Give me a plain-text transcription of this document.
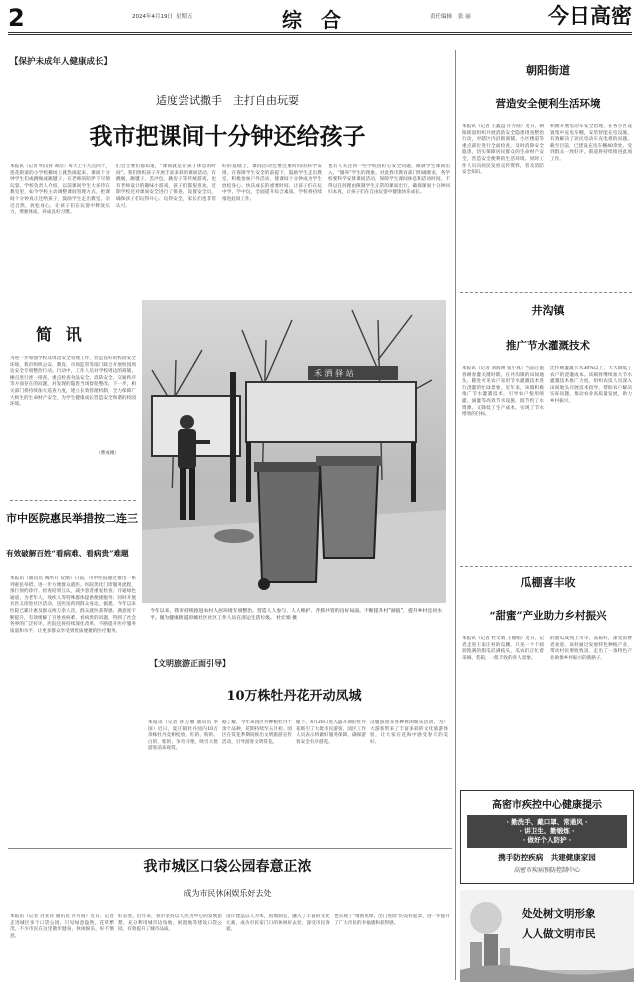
2	2024年4月19日 星期五	综 合	责任编辑 张 丽	今日高密
【保护未成年人健康成长】
适度尝试撒手　主打自由玩耍
我市把课间十分钟还给孩子
本报讯（记者 明汉祥 谭浩）每天上午九点四十，莲花街道的小学校操场上就热闹起来，课间十分钟学生们或跳绳或踢毽子，在老师的陪伴下尽情玩耍。学校负责人介绍，以前课间学生大多待在教室里，如今学校主动调整课间管理方式，把课间十分钟真正还给孩子，鼓励学生走出教室、亲近自然、放松身心，让孩子们在玩耍中释放压力，增强体质，养成良好习惯。
们会主要们都知道，“课间就是让孩子休息的时间”。我们组织孩子开展丰富多彩的课间活动，有跳绳、踢毽子、丢沙包、跳房子等传统游戏，也有老师设计的趣味小游戏，孩子们都很喜欢。近期学校还对课间安全进行了排查，设置安全员，确保孩子们玩得开心、玩得安全，家长们也非常认可。
好的基础上，课间活动还要注重时间的科学安排。在保障学生安全的前提下，鼓励学生走出教室，积极参加户外活动，使课间十分钟成为学生放松身心、快乐成长的重要时间，让孩子们在玩中学、学中玩，全面提升综合素质。学校将持续推进此项工作。
也有人关注到一些学校因担心安全问题，限制学生课间出入，“圈养”学生的现象。对此我市教育部门明确要求，各学校要科学安排课间活动，保障学生课间休息和活动时间，不得以任何理由限制学生正常的课间出行，确保课间十分钟回归本真，让孩子们在自由玩耍中健康快乐成长。
简 讯
为进一步加强学校及周边安全管理工作，营造良好的校园安全环境，我市组织公安、教育、市场监管等部门联合开展校园周边安全专项整治行动。行动中，工作人员对学校周边的商铺、摊点进行逐一排查，重点检查食品安全、消防安全、交通秩序等方面存在的问题，对发现的隐患当场督促整改。下一步，相关部门将持续加大巡查力度，建立长效管理机制，全力保障广大师生的生命财产安全，为学生健康成长营造安全和谐的校园环境。
（曹成刚）
市中医院惠民举措按二连三
有效破解百姓“看病难、看病贵”难题
本报讯（通讯员 阎所升 仪刚）日前，市中医院通过推出一系列惠民举措，进一步方便群众就医。医院优化门诊服务流程，推行预约诊疗、检查结果互认，减少患者重复检查；开通绿色通道，为老年人、残疾人等特殊群体提供便捷服务；同时开展名医义诊进社区活动，送医送药到群众身边。据悉，今年以来医院已累计惠及群众两万余人次，群众就医获得感、满意度不断提升，有效缓解了百姓看病难、看病贵的问题，得到了社会各界的广泛好评。医院还将持续深化改革，不断提升医疗服务质量和水平，让更多群众享受到优质便捷的医疗服务。
禾 洒 驿 站
今年以来，我市持续推进农村人居环境专项整治，营造人人参与、人人维护、齐抓共管的良好局面。不断提升村“颜值”，提升乡村宜居水平。图为健康街道府城社区社区工作人员在清运生活垃圾。 杜宏娟 摄
【文明旅游正面引导】
10万株牡丹花开动凤城
本报讯（记者 孙万丽 通讯员 李国）近日，夏庄镇牡丹园内10万余株牡丹竞相绽放，红的、粉的、白的、紫的，争奇斗艳，吸引大批游客前来观赏。
据了解，今年该园区共种植牡丹十余个品种，花期持续至五月初。园区在赏花季期间推出文明旅游宣传活动，引导游客文明赏花。
眼下，4月20日进入盛开期的牡丹花吸引了大批市民游客，园区工作人员表示将做好服务保障，确保游客安全有序游览。
汉服游园等各种休闲娱乐活动，为广大游客带来了丰富多彩的文化旅游体验，让大家在花海中感受春天的美好。
我市城区口袋公园春意正浓
成为市民休闲娱乐好去处
本报讯（记者 肖亚萍 通讯员 许方圆）近日，记者走进城区多个口袋公园，只见绿意盎然，花草繁茂，不少市民在这里散步健身、休闲娱乐，好不惬意。
好去处。近年来，我市坚持以人民为中心的发展思想，充分利用城市边角地、闲置地等建设口袋公园，有效提升了城市品质。
设计建造以人为本，因地制宜，融入了丰富的文化元素，成为市民家门口的休闲好去处，深受市民喜爱。
也实现了“推窗见绿、出门进园”的美好愿景，进一步提升了广大市民的幸福感和获得感。
朝阳街道
营造安全便利生活环境
本报讯（记者 王鑫益 许方圆）近日，朝阳街道组织开展消防安全隐患排查整治行动，对辖区内沿街商铺、小区楼道等重点部位进行全面检查，及时消除安全隐患，切实保障居民群众的生命财产安全，营造安全便利的生活环境。同时工作人员向居民发放宣传资料，普及消防安全知识。
积极开展电动车安全治理，在各小区设置集中充电车棚，安装智能充电设施，有效解决了居民电动车充电难的问题。截至目前，已建设充电车棚40余处，受到群众一致好评。街道将持续推进此项工作。
井沟镇
推广节水灌溉技术
本报讯（记者 刘海洲 张小真）当前正值春耕春灌关键时期，在井沟镇的田间地头，随处可见农户采用节水灌溉技术进行浇灌的忙碌景象。近年来，该镇积极推广节水灌溉技术，引导农户使用喷灌、滴灌等高效节水设施，既节约了水资源，又降低了生产成本，实现了节水增效的目标。
比传统灌溉节水30%以上，大大降低了农户的浇灌成本。该镇将继续加大节水灌溉技术推广力度，组织农技人员深入田间地头开展技术指导，帮助农户解决实际问题，推动农业高质量发展，助力乡村振兴。
瓜棚喜丰收
“甜蜜”产业助力乡村振兴
本报讯（记者 杜文娟 王丽娟）近日，记者走进王家庄村的瓜棚，只见一个个圆润饱满的甜瓜挂满枝头，瓜农们正忙着采摘、装箱，一派丰收的喜人景象。
的甜瓜成熟上市早、品质好，深受消费者欢迎。该村通过发展特色种植产业，带动村民增收致富，走出了一条特色产业助推乡村振兴的新路子。
高密市疾控中心健康提示
· 勤洗手、戴口罩、常通风 ·
· 讲卫生、勤锻炼 ·
· 做好个人防护 ·
携手防控疾病　共建健康家园
高密市疾病预防控制中心
处处树文明形象
人人做文明市民
